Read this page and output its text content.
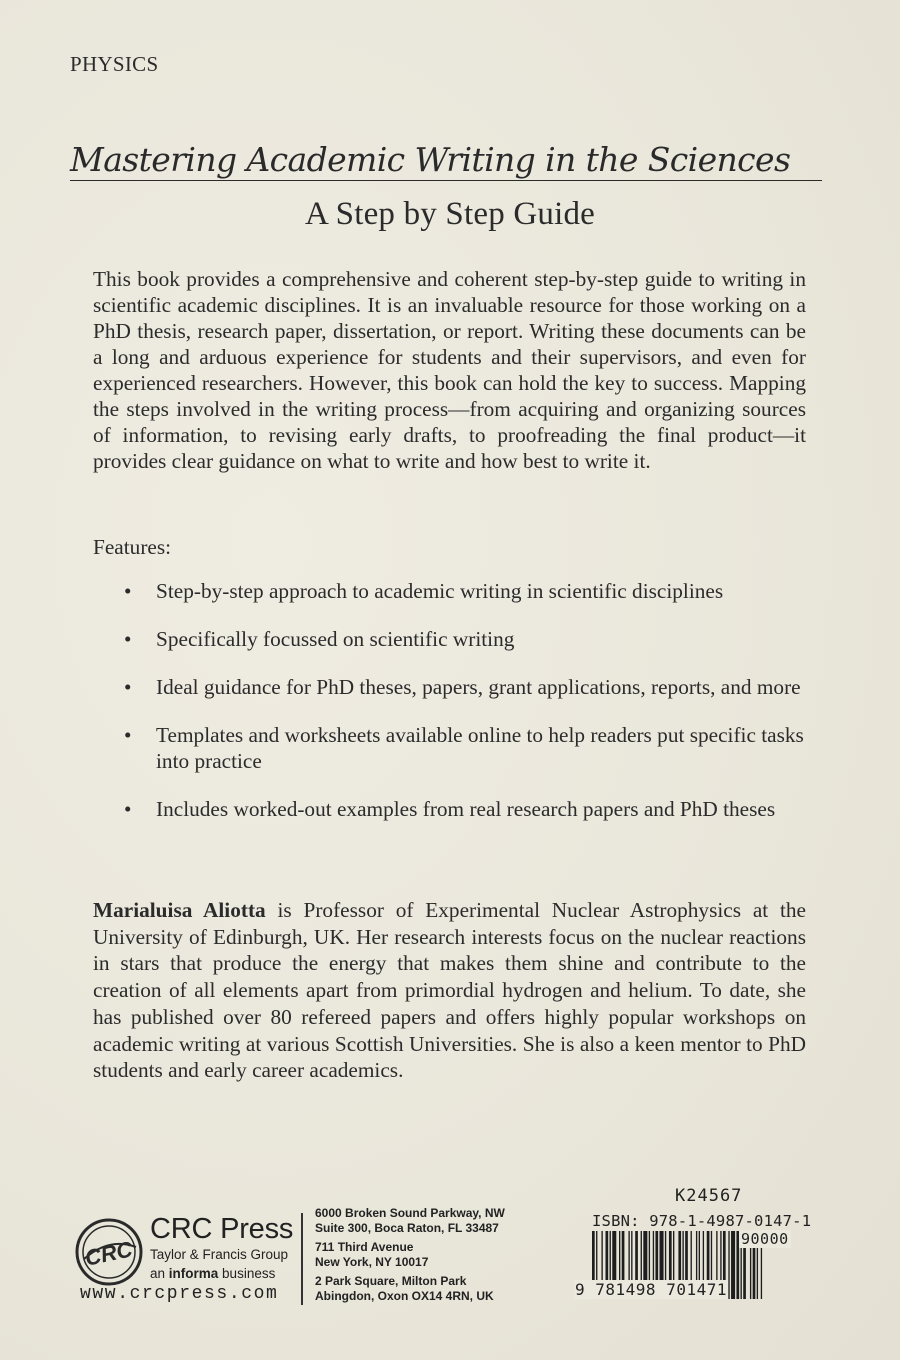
PHYSICS
Mastering Academic Writing in the Sciences
A Step by Step Guide
This book provides a comprehensive and coherent step-by-step guide to writing in scientific academic disciplines. It is an invaluable resource for those working on a PhD thesis, research paper, dissertation, or report. Writing these documents can be a long and arduous experience for students and their supervisors, and even for experienced researchers. However, this book can hold the key to success. Mapping the steps involved in the writing process—from acquiring and organizing sources of information, to revising early drafts, to proofreading the final product—it provides clear guidance on what to write and how best to write it.
Features:
• Step-by-step approach to academic writing in scientific disciplines
• Specifically focussed on scientific writing
• Ideal guidance for PhD theses, papers, grant applications, reports, and more
• Templates and worksheets available online to help readers put specific tasks into practice
• Includes worked-out examples from real research papers and PhD theses
Marialuisa Aliotta is Professor of Experimental Nuclear Astrophysics at the University of Edinburgh, UK. Her research interests focus on the nuclear reactions in stars that produce the energy that makes them shine and contribute to the creation of all elements apart from primordial hydrogen and helium. To date, she has published over 80 refereed papers and offers highly popular workshops on academic writing at various Scottish Universities. She is also a keen mentor to PhD students and early career academics.
CRC
CRC Press
Taylor & Francis Group
an informa business
www.crcpress.com
6000 Broken Sound Parkway, NW
Suite 300, Boca Raton, FL 33487
711 Third Avenue
New York, NY 10017
2 Park Square, Milton Park
Abingdon, Oxon OX14 4RN, UK
K24567
ISBN: 978-1-4987-0147-1
90000
9 781498 701471
